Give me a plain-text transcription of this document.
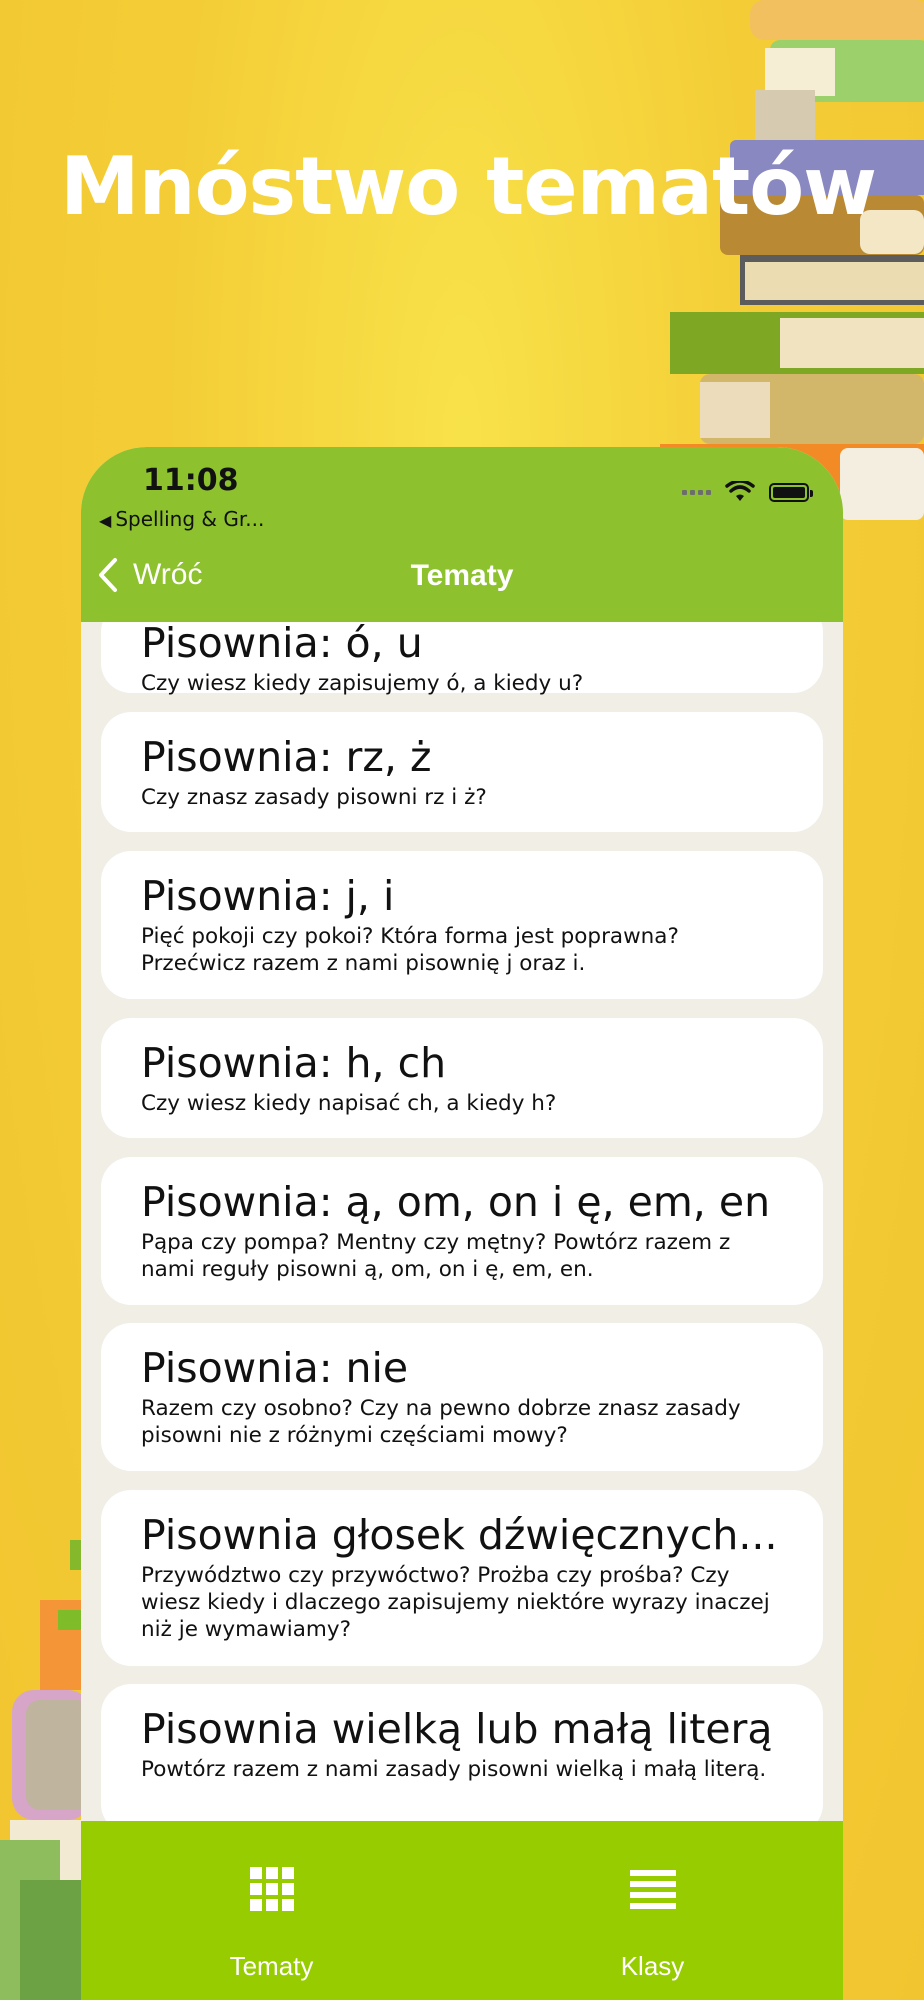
Mnóstwo tematów
11:08
◀ Spelling & Gr...
Wróć	Tematy
Pisownia: ó, u
Czy wiesz kiedy zapisujemy ó, a kiedy u?
Pisownia: rz, ż
Czy znasz zasady pisowni rz i ż?
Pisownia: j, i
Pięć pokoji czy pokoi? Która forma jest poprawna? Przećwicz razem z nami pisownię j oraz i.
Pisownia: h, ch
Czy wiesz kiedy napisać ch, a kiedy h?
Pisownia: ą, om, on i ę, em, en
Pąpa czy pompa? Mentny czy mętny? Powtórz razem z nami reguły pisowni ą, om, on i ę, em, en.
Pisownia: nie
Razem czy osobno? Czy na pewno dobrze znasz zasady pisowni nie z różnymi częściami mowy?
Pisownia głosek dźwięcznych...
Przywództwo czy przywóctwo? Prożba czy prośba? Czy wiesz kiedy i dlaczego zapisujemy niektóre wyrazy inaczej niż je wymawiamy?
Pisownia wielką lub małą literą
Powtórz razem z nami zasady pisowni wielką i małą literą.
Tematy	Klasy
